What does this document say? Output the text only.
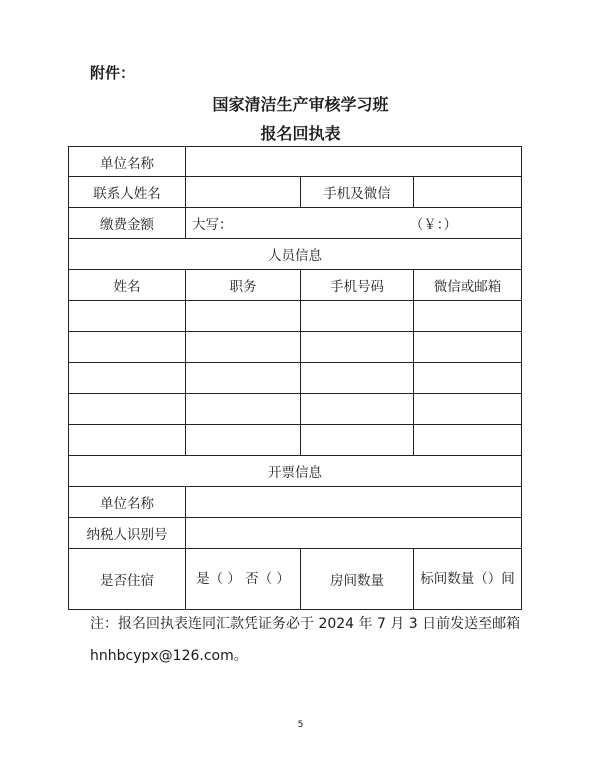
附件：
国家清洁生产审核学习班
报名回执表
单位名称			
联系人姓名		手机及微信	
缴费金额	大写： （￥：）		

人员信息			
姓名	职务	手机号码	微信或邮箱

开票信息			
单位名称			
纳税人识别号			
是否住宿	是（ ） 否（ ）	房间数量	标间数量（）间
注：报名回执表连同汇款凭证务必于 2024 年 7 月 3 日前发送至邮箱 hnhbcypx@126.com。
5
